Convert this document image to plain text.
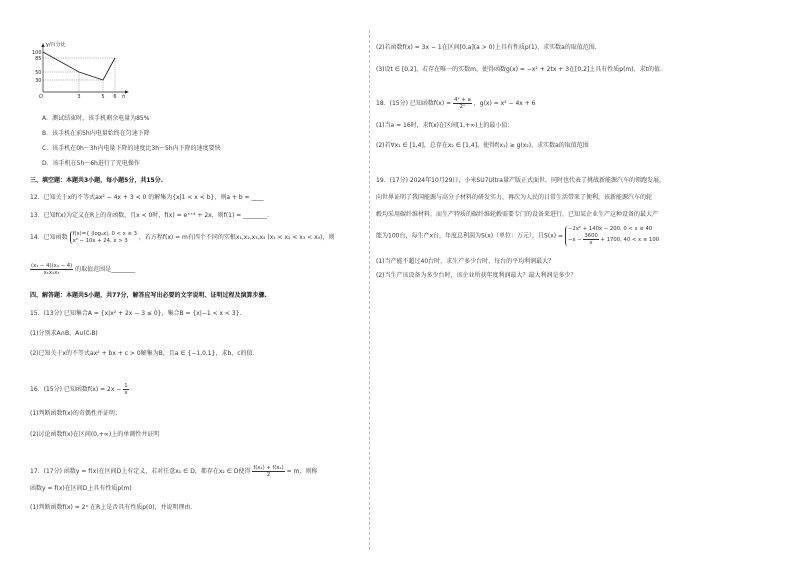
100
85
50
30
3	5 6
O	h
y/百分比
A．测试结束时，该手机剩余电量为85%
B．该手机在前5h内电量始终在匀速下降
C．该手机在0h～3h内电量下降的速度比3h～5h内下降的速度要快
D．该手机在5h～6h进行了充电操作
三、填空题：本题共3小题，每小题5分，共15分.
12．已知关于x的不等式ax² − 4x + 3 < 0 的解集为{x|1 < x < b}，则a + b = ____
13．已知f(x)为定义在R上的奇函数，且x < 0时，f(x) = eˣ⁺⁴ + 2x，则f(1) = ________.
14．已知函数 f(x)={ |log₂x|, 0 < x ≤ 3
x² − 10x + 24, x > 3	，若方程f(x) = m有四个不同的实根x₁,x₂,x₃,x₄ (x₁ < x₂ < x₃ < x₄)，则
$\frac{\text{(x₃ − 4)(x₄ − 4)}}{\text{x₁x₂x₃}}$ 的取值范围是________
四、解答题：本题共5小题，共77分，解答应写出必要的文字说明、证明过程及演算步骤.
15．(13分) 已知集合A = {x|x² + 2x − 3 ≤ 0}，集合B = {x|−1 < x < 3}.
(1)分别求A∩B，A∪(∁ᵣB)
(2)已知关于x的不等式ax² + bx + c > 0解集为B，且a ∈ {−1,0,1}，求b，c的值.
16．(15分) 已知函数$f(x) = 2x - \frac{1}{x}$
(1)判断函数f(x)的奇偶性并证明；
(2)讨论函数f(x)在区间(0,+∞)上的单调性并证明
17．(17分) 函数y = f(x)在区间D上有定义，若对任意x₁ ∈ D，都存在x₂ ∈ D使得 $\frac{\text{f(x₁) + f(x₂)}}{2} = m$，则称
函数y = f(x)在区间D上具有性质p(m)
(1)判断函数f(x) = 2ˣ 在R上是否具有性质p(0)，并说明理由.
(2)若函数f(x) = 3x − 1在区间[0,a](a > 0)上具有性质p(1)，求实数a的取值范围.
(3)设t ∈ [0,2]，若存在唯一的实数m，使得函数g(x) = −x² + 2tx + 3在[0,2]上具有性质p(m)，求t的值.
18．(15分) 已知函数$f(x) = \frac{\text{4ˣ + a}}{\text{2ˣ}}$ ，g(x) = x² − 4x + 6
(1)当a = 16时，求f(x)在区间[1,+∞)上的最小值；
(2)若∀x₁ ∈ [1,4]，总存在x₂ ∈ [1,4]，使得f(x₁) ≥ g(x₂)，求实数a的取值范围
19．(17分) 2024年10月29日，小米SU7Ultra量产版正式面世，同时也代表了挑战新能源汽车的领跑发展，
向世界证明了我国能源与高分子材料的研发实力，再次为人民的日常生活带来了便利，该新能源汽车的轮
毂均采用碳纤维材料，而生产特质的碳纤维轮毂需要专门的设备来进行，已知某企业生产这种设备的最大产
能为100台，每生产x台，年度总利润为S(x)（单位：万元），且S(x) =
−2x² + 140x − 200, 0 < x ≤ 40
$-x - \frac{3600}{x} + 1700$, 40 < x ≤ 100
(1)当产能不超过40台时，求生产多少台时，每台的平均利润最大？
(2)当生产该设备为多少台时，该企业所获年度利润最大？最大利润是多少？
